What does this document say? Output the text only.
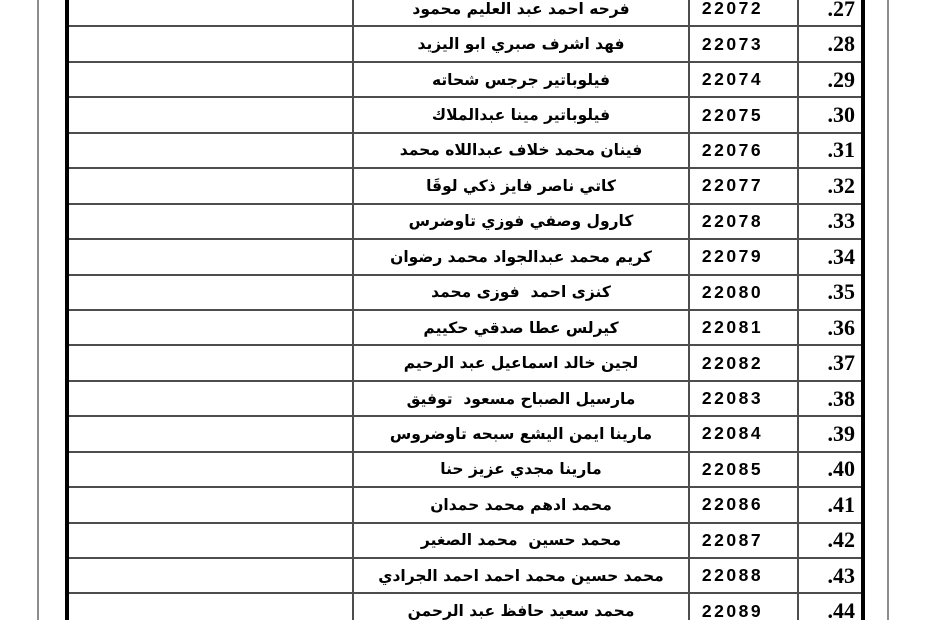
فرحه احمد عبد العليم محمود	22072	.27
فهد اشرف صبري ابو اليزيد	22073	.28
فيلوباتير جرجس شحاته	22074	.29
فيلوباتير مينا عبدالملاك	22075	.30
فينان محمد خلاف عبداللاه محمد	22076	.31
كاتي ناصر فايز ذكي لوقَا	22077	.32
كارول وصفي فوزي تاوضرس	22078	.33
كريم محمد عبدالجواد محمد رضوان	22079	.34
كنزى احمد  فوزى محمد	22080	.35
كيرلس عطا صدقي حكييم	22081	.36
لجين خالد اسماعيل عبد الرحيم	22082	.37
مارسيل الصباح مسعود  توفيق	22083	.38
مارينا ايمن اليشع سبحه تاوضروس	22084	.39
مارينا مجدي عزيز حنا	22085	.40
محمد ادهم محمد حمدان	22086	.41
محمد حسين  محمد الصغير	22087	.42
محمد حسين محمد احمد احمد الجرادي	22088	.43
محمد سعيد حافظ عبد الرحمن	22089	.44
